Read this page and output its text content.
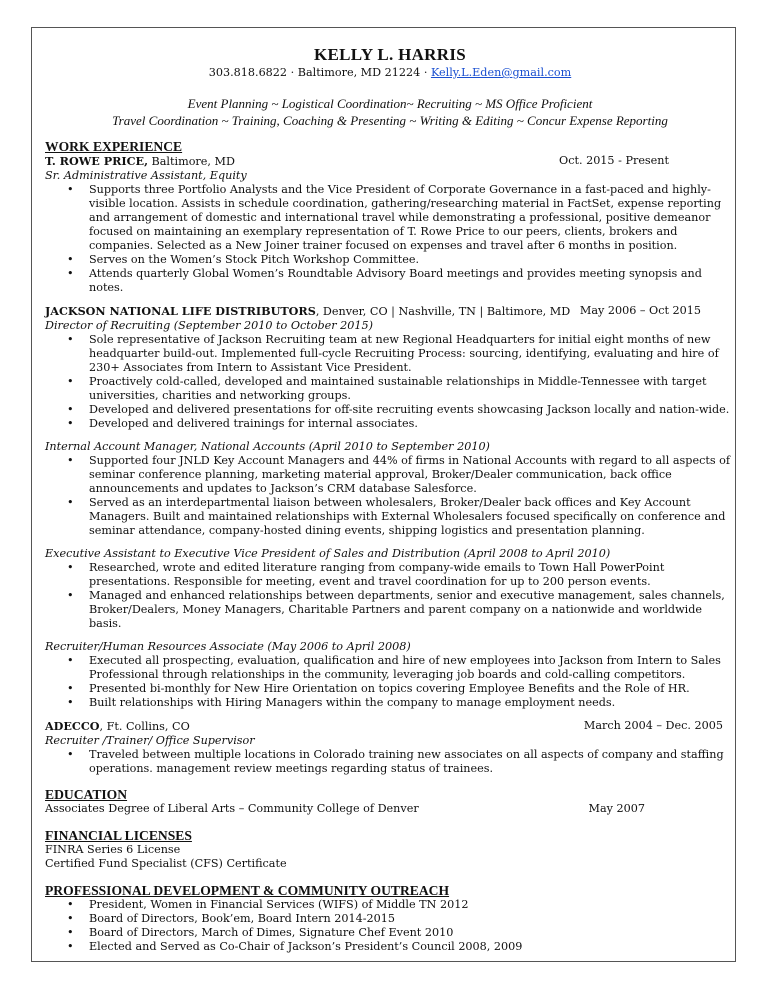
KELLY L. HARRIS
303.818.6822 · Baltimore, MD 21224 · Kelly.L.Eden@gmail.com
Event Planning ~ Logistical Coordination~ Recruiting ~ MS Office Proficient
Travel Coordination ~ Training, Coaching & Presenting ~ Writing & Editing ~ Concur Expense Reporting
WORK EXPERIENCE
T. ROWE PRICE, Baltimore, MD	Oct. 2015 - Present
Sr. Administrative Assistant, Equity
• Supports three Portfolio Analysts and the Vice President of Corporate Governance in a fast-paced and highly-visible location. Assists in schedule coordination, gathering/researching material in FactSet, expense reporting and arrangement of domestic and international travel while demonstrating a professional, positive demeanor focused on maintaining an exemplary representation of T. Rowe Price to our peers, clients, brokers and companies. Selected as a New Joiner trainer focused on expenses and travel after 6 months in position.
• Serves on the Women’s Stock Pitch Workshop Committee.
• Attends quarterly Global Women’s Roundtable Advisory Board meetings and provides meeting synopsis and notes.
JACKSON NATIONAL LIFE DISTRIBUTORS, Denver, CO | Nashville, TN | Baltimore, MD May 2006 – Oct 2015
Director of Recruiting (September 2010 to October 2015)
• Sole representative of Jackson Recruiting team at new Regional Headquarters for initial eight months of new headquarter build-out. Implemented full-cycle Recruiting Process: sourcing, identifying, evaluating and hire of 230+ Associates from Intern to Assistant Vice President.
• Proactively cold-called, developed and maintained sustainable relationships in Middle-Tennessee with target universities, charities and networking groups.
• Developed and delivered presentations for off-site recruiting events showcasing Jackson locally and nation-wide.
• Developed and delivered trainings for internal associates.
Internal Account Manager, National Accounts (April 2010 to September 2010)
• Supported four JNLD Key Account Managers and 44% of firms in National Accounts with regard to all aspects of seminar conference planning, marketing material approval, Broker/Dealer communication, back office announcements and updates to Jackson’s CRM database Salesforce.
• Served as an interdepartmental liaison between wholesalers, Broker/Dealer back offices and Key Account Managers. Built and maintained relationships with External Wholesalers focused specifically on conference and seminar attendance, company-hosted dining events, shipping logistics and presentation planning.
Executive Assistant to Executive Vice President of Sales and Distribution (April 2008 to April 2010)
• Researched, wrote and edited literature ranging from company-wide emails to Town Hall PowerPoint presentations. Responsible for meeting, event and travel coordination for up to 200 person events.
• Managed and enhanced relationships between departments, senior and executive management, sales channels, Broker/Dealers, Money Managers, Charitable Partners and parent company on a nationwide and worldwide basis.
Recruiter/Human Resources Associate (May 2006 to April 2008)
• Executed all prospecting, evaluation, qualification and hire of new employees into Jackson from Intern to Sales Professional through relationships in the community, leveraging job boards and cold-calling competitors.
• Presented bi-monthly for New Hire Orientation on topics covering Employee Benefits and the Role of HR.
• Built relationships with Hiring Managers within the company to manage employment needs.
ADECCO, Ft. Collins, CO	March 2004 – Dec. 2005
Recruiter /Trainer/ Office Supervisor
• Traveled between multiple locations in Colorado training new associates on all aspects of company and staffing operations. management review meetings regarding status of trainees.
EDUCATION
Associates Degree of Liberal Arts – Community College of Denver	May 2007
FINANCIAL LICENSES
FINRA Series 6 License
Certified Fund Specialist (CFS) Certificate
PROFESSIONAL DEVELOPMENT & COMMUNITY OUTREACH
• President, Women in Financial Services (WIFS) of Middle TN 2012
• Board of Directors, Book’em, Board Intern 2014-2015
• Board of Directors, March of Dimes, Signature Chef Event 2010
• Elected and Served as Co-Chair of Jackson’s President’s Council 2008, 2009
